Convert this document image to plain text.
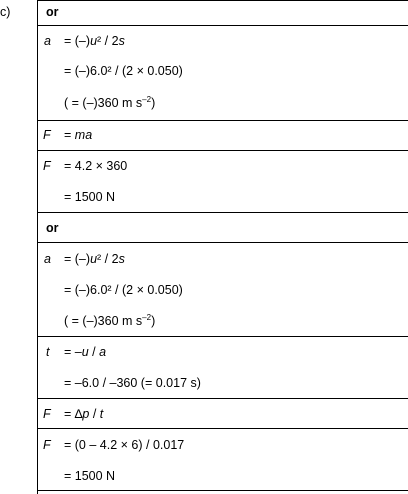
c)	or
a = (–)u² / 2s
= (–)6.0² / (2 × 0.050)
( = (–)360 m $s^{-2}$)
F = ma
F = 4.2 × 360
= 1500 N
or
a = (–)u² / 2s
= (–)6.0² / (2 × 0.050)
( = (–)360 m $s^{-2}$)
t = –u / a
= –6.0 / –360 (= 0.017 s)
F = ∆p / t
F = (0 – 4.2 × 6) / 0.017
= 1500 N
